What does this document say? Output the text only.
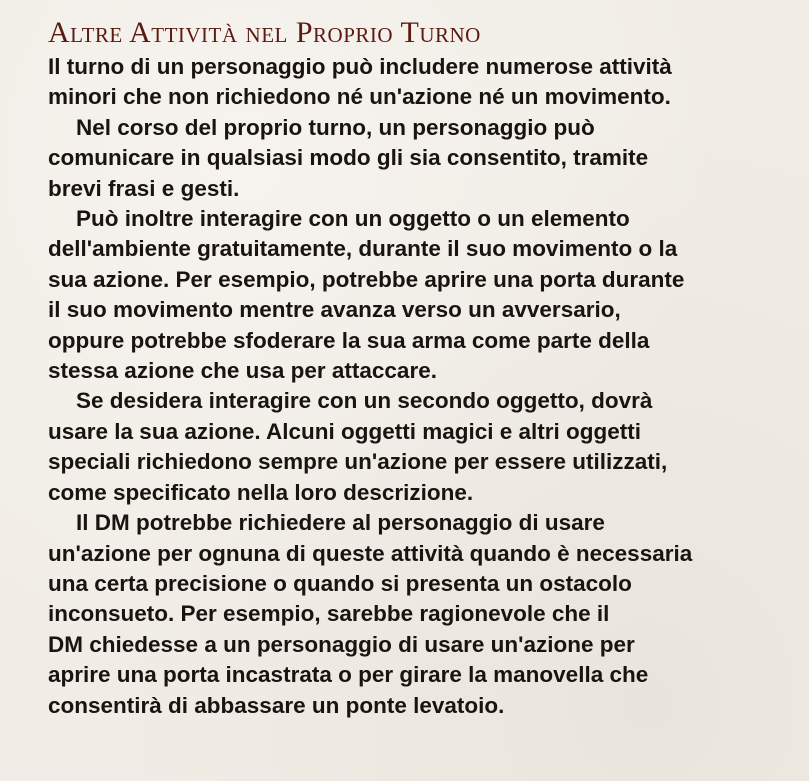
Altre Attività nel Proprio Turno

Il turno di un personaggio può includere numerose attività
minori che non richiedono né un'azione né un movimento.

Nel corso del proprio turno, un personaggio può
comunicare in qualsiasi modo gli sia consentito, tramite
brevi frasi e gesti.

Può inoltre interagire con un oggetto o un elemento
dell'ambiente gratuitamente, durante il suo movimento o la
sua azione. Per esempio, potrebbe aprire una porta durante
il suo movimento mentre avanza verso un avversario,
oppure potrebbe sfoderare la sua arma come parte della
stessa azione che usa per attaccare.

Se desidera interagire con un secondo oggetto, dovrà
usare la sua azione. Alcuni oggetti magici e altri oggetti
speciali richiedono sempre un'azione per essere utilizzati,
come specificato nella loro descrizione.

Il DM potrebbe richiedere al personaggio di usare
un'azione per ognuna di queste attività quando è necessaria
una certa precisione o quando si presenta un ostacolo
inconsueto. Per esempio, sarebbe ragionevole che il
DM chiedesse a un personaggio di usare un'azione per
aprire una porta incastrata o per girare la manovella che
consentirà di abbassare un ponte levatoio.
